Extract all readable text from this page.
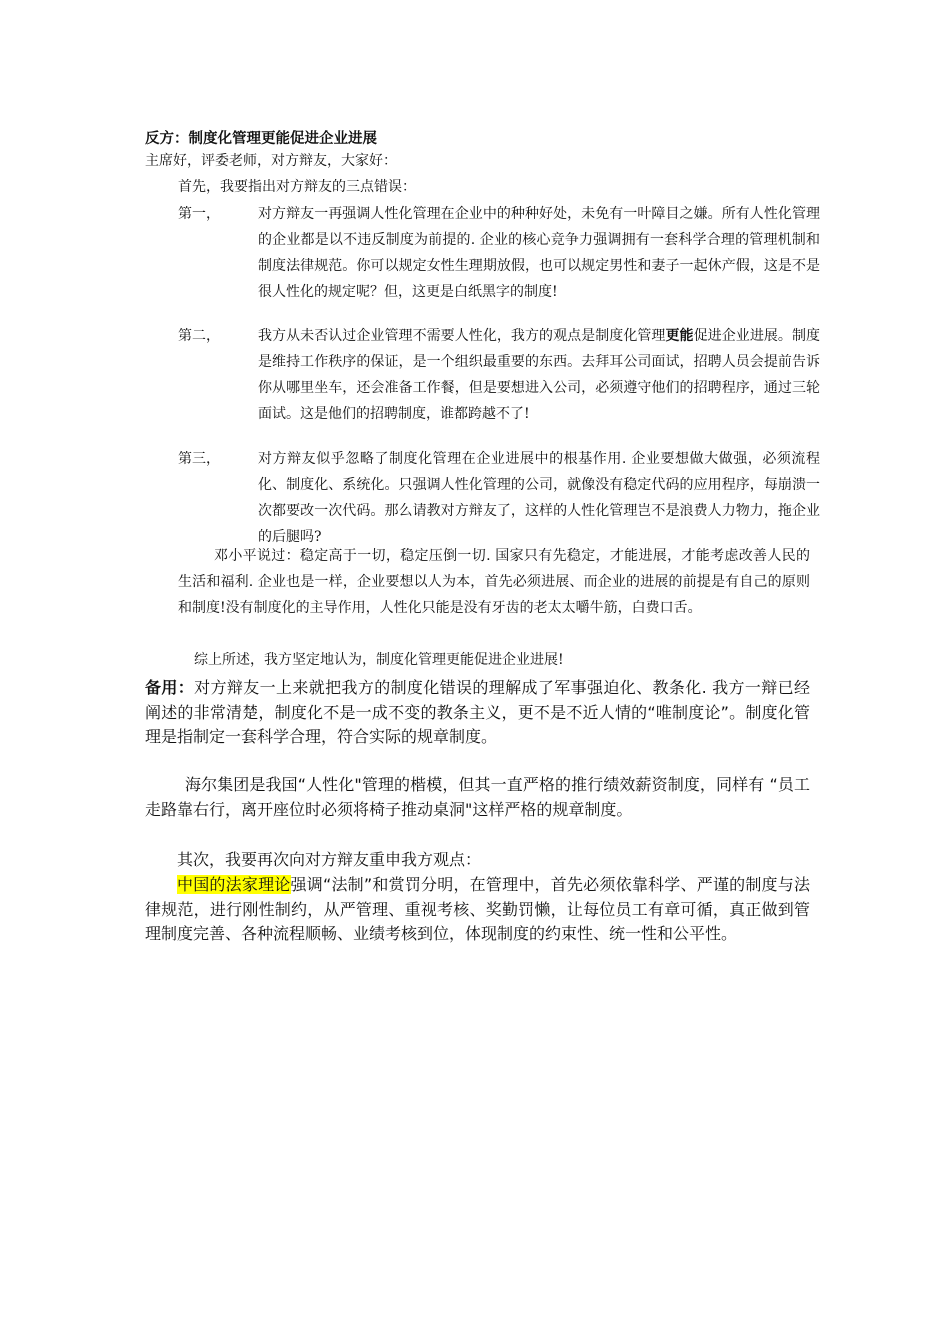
反方：制度化管理更能促进企业进展
主席好，评委老师，对方辩友，大家好：
首先，我要指出对方辩友的三点错误：
第一，	对方辩友一再强调人性化管理在企业中的种种好处，未免有一叶障目之嫌。所有人性化管理的企业都是以不违反制度为前提的. 企业的核心竞争力强调拥有一套科学合理的管理机制和制度法律规范。你可以规定女性生理期放假，也可以规定男性和妻子一起休产假，这是不是很人性化的规定呢？但，这更是白纸黑字的制度!
第二，	我方从未否认过企业管理不需要人性化，我方的观点是制度化管理更能促进企业进展。制度是维持工作秩序的保证，是一个组织最重要的东西。去拜耳公司面试，招聘人员会提前告诉你从哪里坐车，还会准备工作餐，但是要想进入公司，必须遵守他们的招聘程序，通过三轮面试。这是他们的招聘制度，谁都跨越不了!
第三，	对方辩友似乎忽略了制度化管理在企业进展中的根基作用. 企业要想做大做强，必须流程化、制度化、系统化。只强调人性化管理的公司，就像没有稳定代码的应用程序，每崩溃一次都要改一次代码。那么请教对方辩友了，这样的人性化管理岂不是浪费人力物力，拖企业的后腿吗?
邓小平说过：稳定高于一切，稳定压倒一切. 国家只有先稳定，才能进展，才能考虑改善人民的生活和福利. 企业也是一样，企业要想以人为本，首先必须进展、而企业的进展的前提是有自己的原则和制度!没有制度化的主导作用，人性化只能是没有牙齿的老太太嚼牛筋，白费口舌。
综上所述，我方坚定地认为，制度化管理更能促进企业进展!
备用：对方辩友一上来就把我方的制度化错误的理解成了军事强迫化、教条化. 我方一辩已经阐述的非常清楚，制度化不是一成不变的教条主义，更不是不近人情的“唯制度论”。制度化管理是指制定一套科学合理，符合实际的规章制度。
海尔集团是我国“人性化"管理的楷模，但其一直严格的推行绩效薪资制度，同样有 “员工走路靠右行，离开座位时必须将椅子推动桌洞"这样严格的规章制度。
其次，我要再次向对方辩友重申我方观点：
中国的法家理论强调“法制”和赏罚分明，在管理中，首先必须依靠科学、严谨的制度与法律规范，进行刚性制约，从严管理、重视考核、奖勤罚懒，让每位员工有章可循，真正做到管理制度完善、各种流程顺畅、业绩考核到位，体现制度的约束性、统一性和公平性。
